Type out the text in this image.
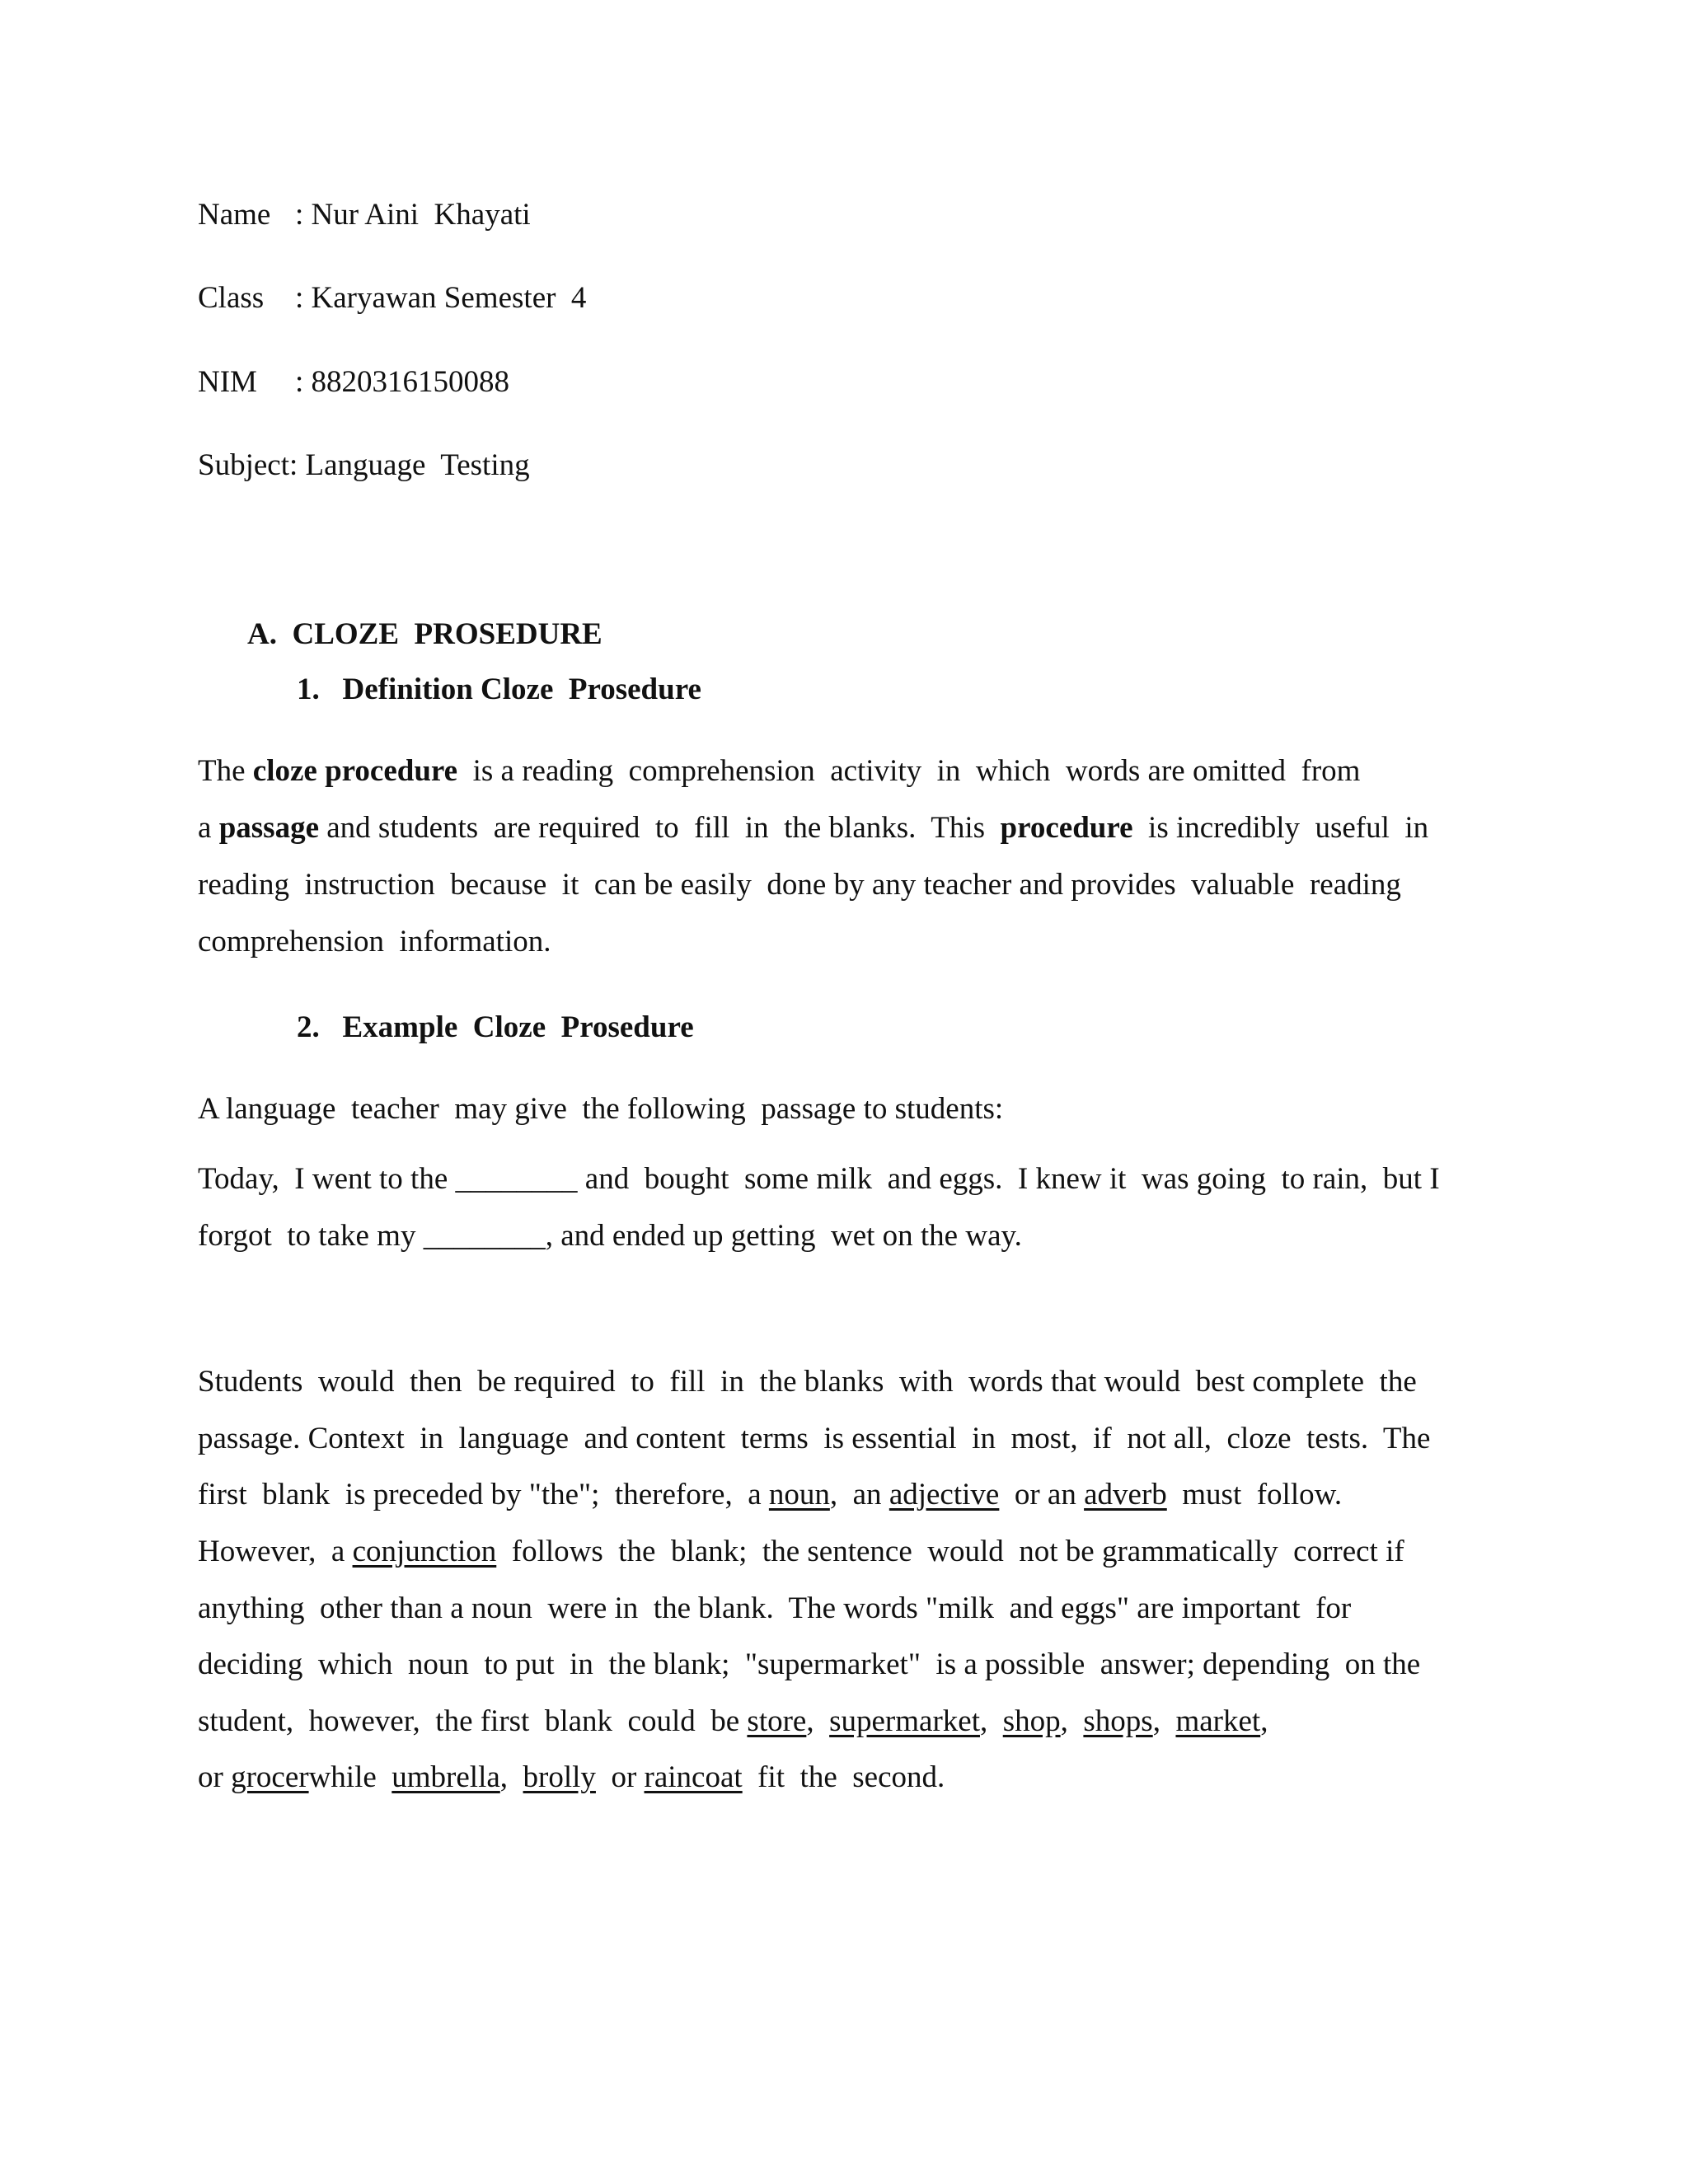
Name : Nur Aini  Khayati
Class : Karyawan Semester  4
NIM : 8820316150088
Subject: Language  Testing
A. CLOZE  PROSEDURE
1. Definition Cloze  Prosedure
The cloze procedure  is a reading  comprehension  activity  in  which  words are omitted  from
a passage and students  are required  to  fill  in  the blanks.  This  procedure  is incredibly  useful  in
reading  instruction  because  it  can be easily  done by any teacher and provides  valuable  reading
comprehension  information.
2. Example  Cloze  Prosedure
A language  teacher  may give  the following  passage to students:
Today,  I went to the ________ and  bought  some milk  and eggs.  I knew it  was going  to rain,  but I
forgot  to take my ________, and ended up getting  wet on the way.
Students  would  then  be required  to  fill  in  the blanks  with  words that would  best complete  the
passage. Context  in  language  and content  terms  is essential  in  most,  if  not all,  cloze  tests.  The
first  blank  is preceded by "the";  therefore,  a noun,  an adjective  or an adverb  must  follow.
However,  a conjunction  follows  the  blank;  the sentence  would  not be grammatically  correct if
anything  other than a noun  were in  the blank.  The words "milk  and eggs" are important  for
deciding  which  noun  to put  in  the blank;  "supermarket"  is a possible  answer; depending  on the
student,  however,  the first  blank  could  be store,  supermarket,  shop,  shops,  market,
or grocerwhile  umbrella,  brolly  or raincoat  fit  the  second.
